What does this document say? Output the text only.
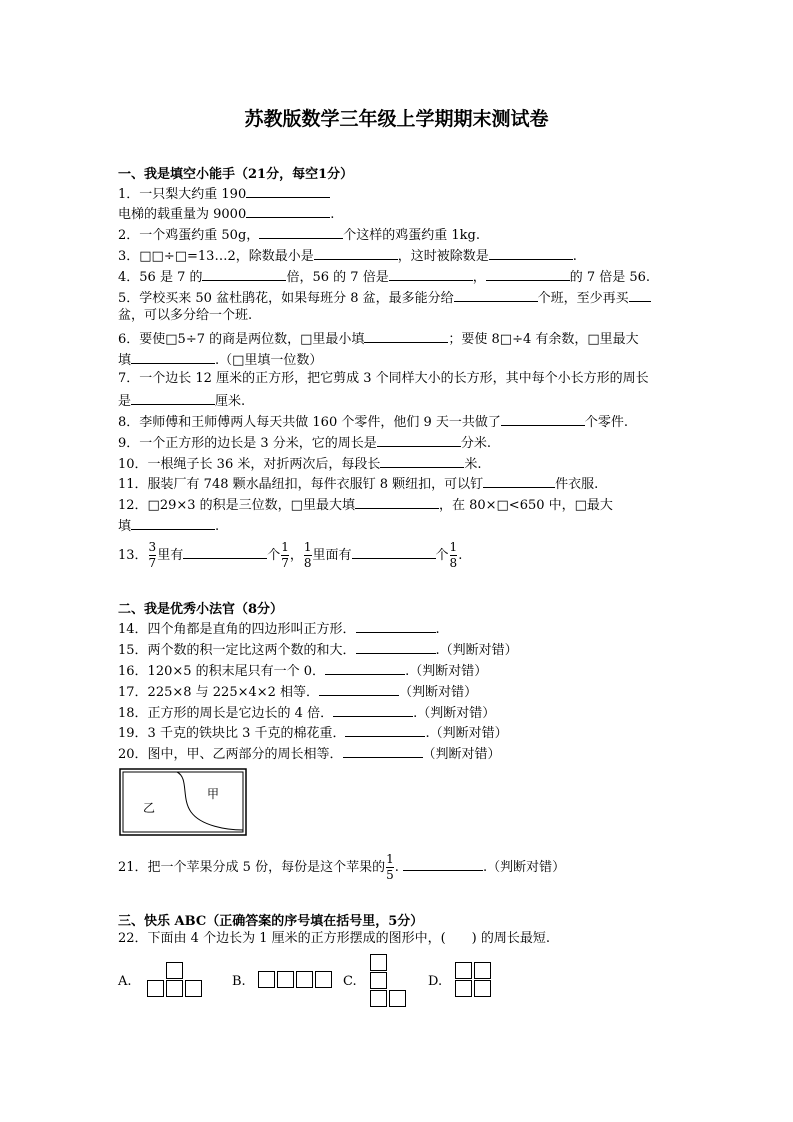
苏教版数学三年级上学期期末测试卷
一、我是填空小能手（21分，每空1分）
1．一只梨大约重 190
电梯的载重量为 9000	.
2．一个鸡蛋约重 50g，	个这样的鸡蛋约重 1kg.
3．□□÷□=13…2，除数最小是	，这时被除数是	.
4．56 是 7 的	倍，56 的 7 倍是	，	的 7 倍是 56.
5．学校买来 50 盆杜鹃花，如果每班分 8 盆，最多能分给	个班，至少再买
盆，可以多分给一个班.
6．要使□5÷7 的商是两位数，□里最小填	；要使 8□÷4 有余数，□里最大
填	.（□里填一位数）
7．一个边长 12 厘米的正方形，把它剪成 3 个同样大小的长方形，其中每个小长方形的周长
是	厘米.
8．李师傅和王师傅两人每天共做 160 个零件，他们 9 天一共做了	个零件.
9．一个正方形的边长是 3 分米，它的周长是	分米.
10．一根绳子长 36 米，对折两次后，每段长	米.
11．服装厂有 748 颗水晶纽扣，每件衣服钉 8 颗纽扣，可以钉	件衣服.
12．□29×3 的积是三位数，□里最大填	，在 80×□<650 中，□最大
填	.
13． $\frac{3}{7}$ 里有	个 $\frac{1}{7}$ ， $\frac{1}{8}$ 里面有	个 $\frac{1}{8}$ .
二、我是优秀小法官（8分）
14．四个角都是直角的四边形叫正方形．	.
15．两个数的积一定比这两个数的和大．	.（判断对错）
16．120×5 的积末尾只有一个 0．	.（判断对错）
17．225×8 与 225×4×2 相等．	（判断对错）
18．正方形的周长是它边长的 4 倍．	.（判断对错）
19．3 千克的铁块比 3 千克的棉花重．	.（判断对错）
20．图中，甲、乙两部分的周长相等．	（判断对错）
甲
乙
21．把一个苹果分成 5 份，每份是这个苹果的 $\frac{1}{5}$ .	.（判断对错）
三、快乐 ABC（正确答案的序号填在括号里，5分）
22．下面由 4 个边长为 1 厘米的正方形摆成的图形中，(　　) 的周长最短.
A.	B.	C.	D.
